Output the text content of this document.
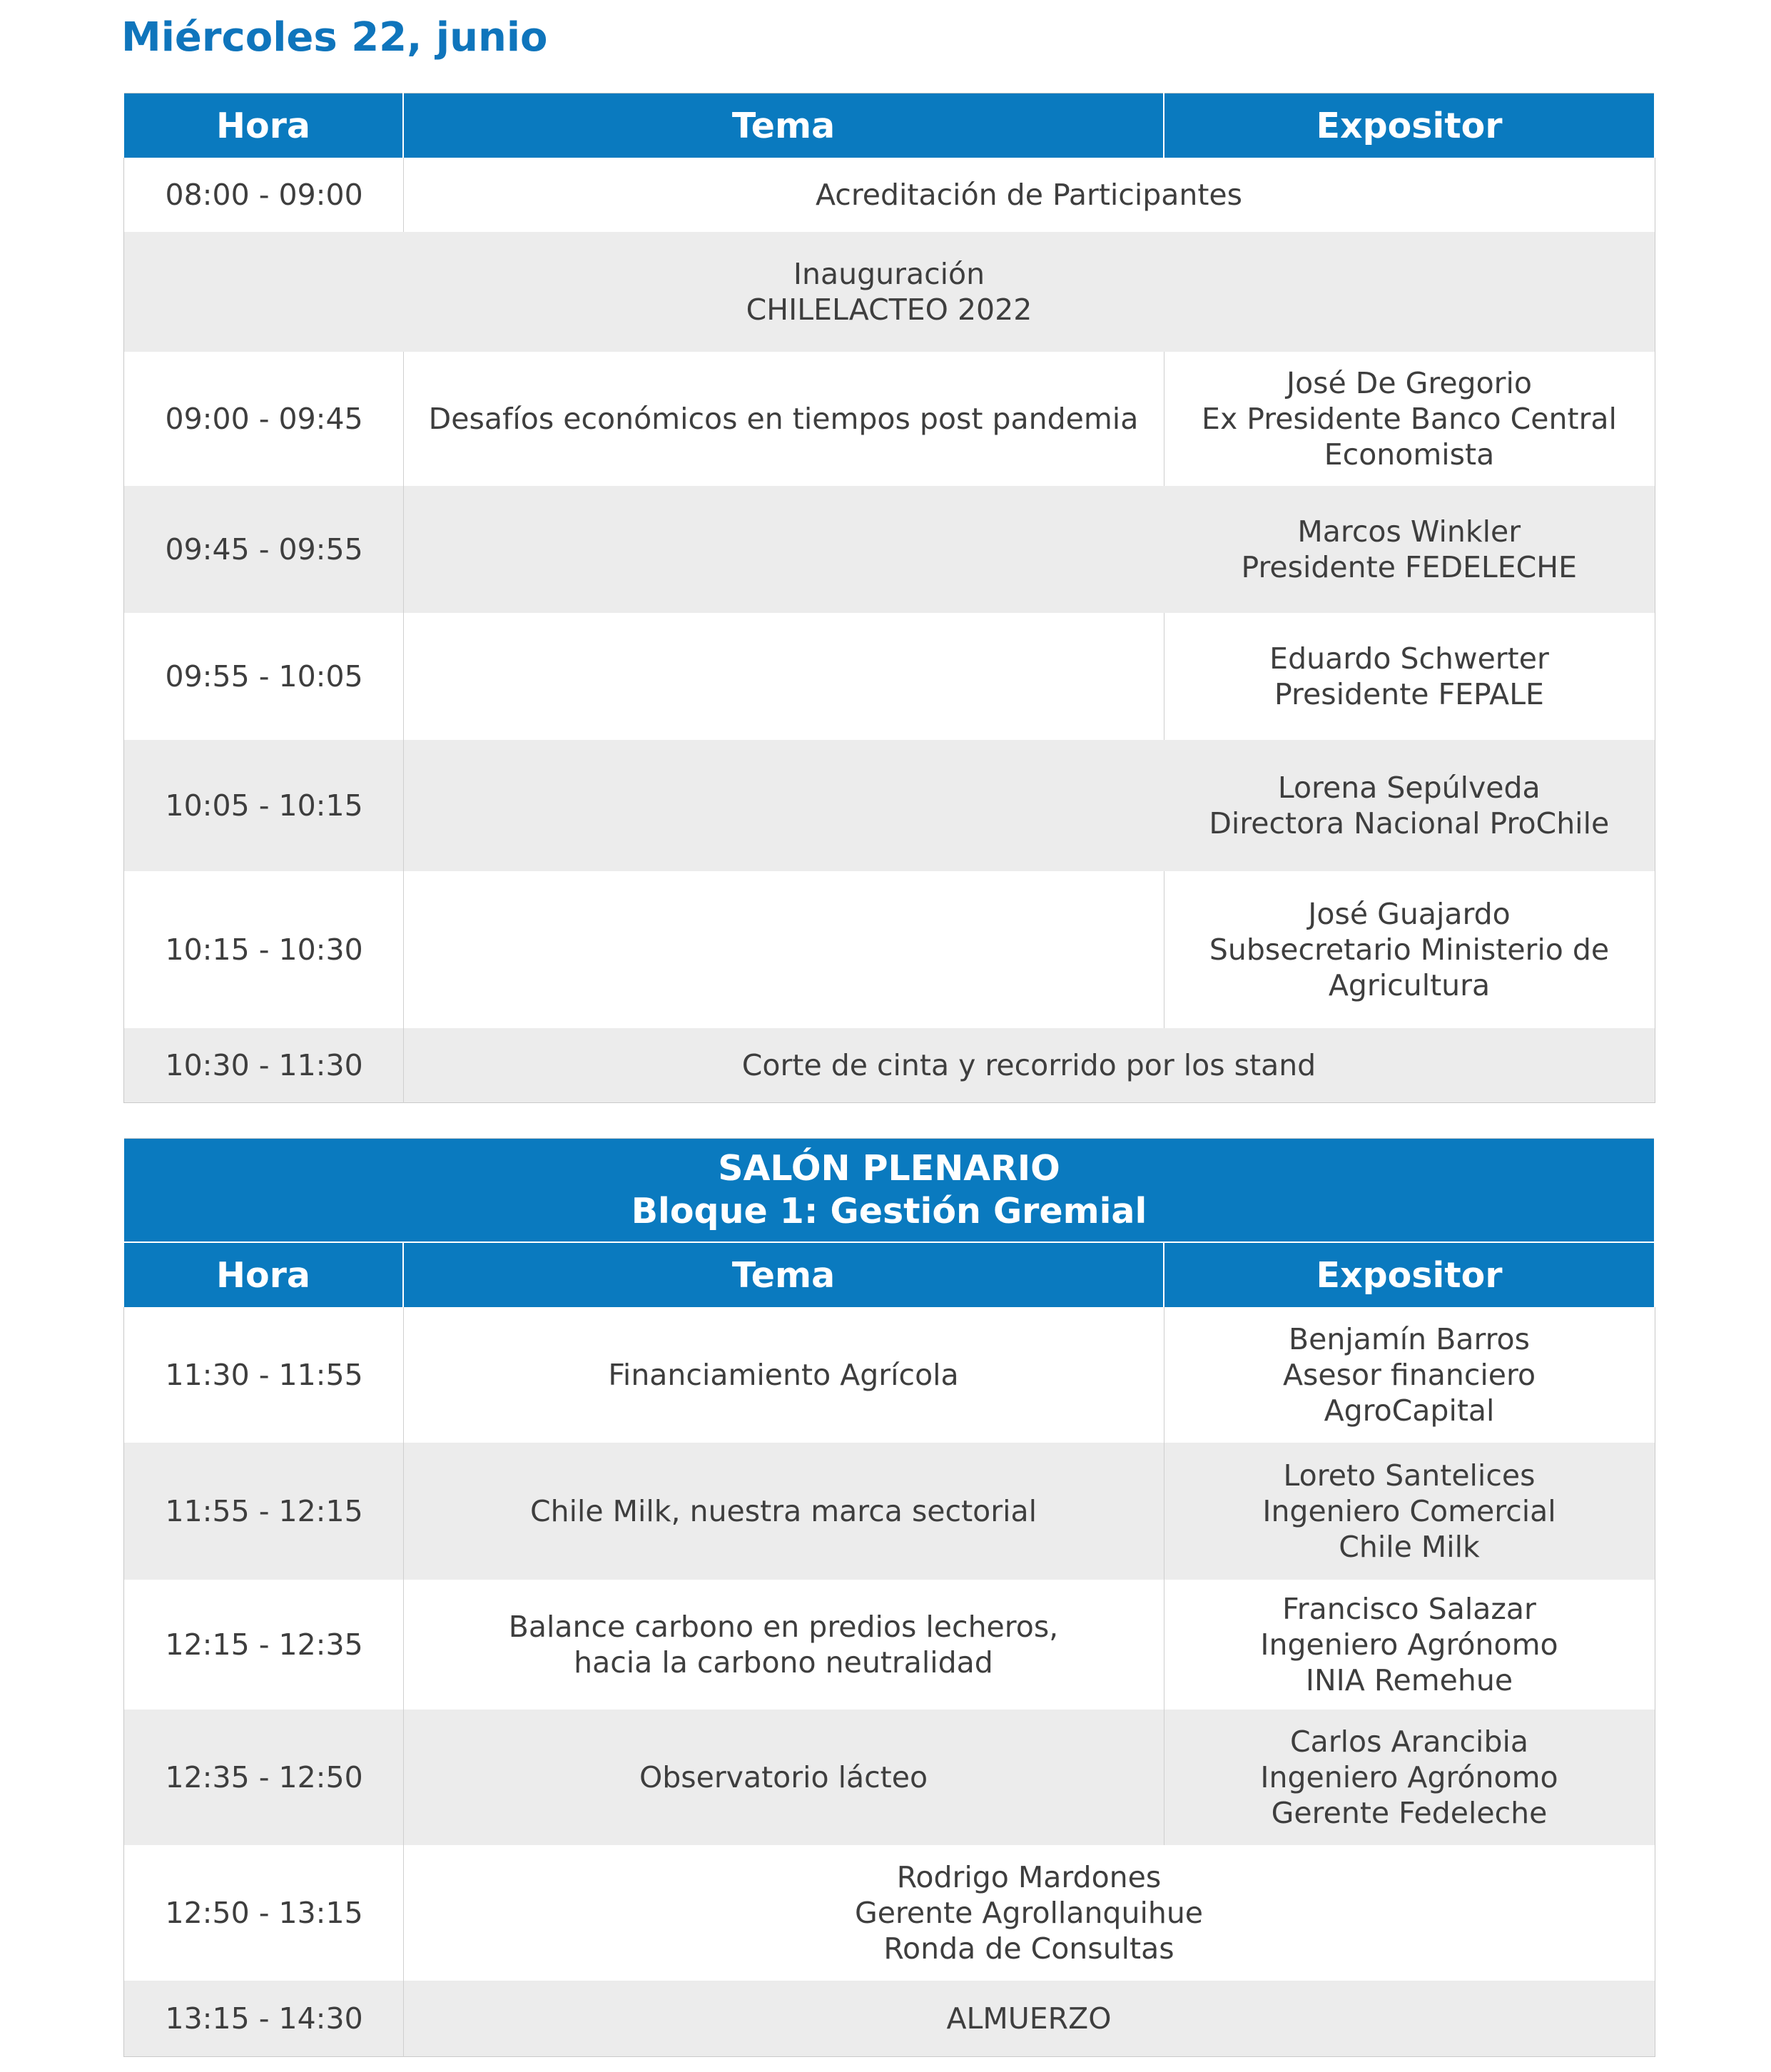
Miércoles 22, junio
Hora	Tema	Expositor
08:00 - 09:00	Acreditación de Participantes	

Inauguración
CHILELACTEO 2022		

09:00 - 09:45	Desafíos económicos en tiempos post pandemia	José De Gregorio
Ex Presidente Banco Central
Economista

09:45 - 09:55		Marcos Winkler
Presidente FEDELECHE

09:55 - 10:05		Eduardo Schwerter
Presidente FEPALE

10:05 - 10:15		Lorena Sepúlveda
Directora Nacional ProChile

10:15 - 10:30		José Guajardo
Subsecretario Ministerio de
Agricultura

10:30 - 11:30	Corte de cinta y recorrido por los stand	
SALÓN PLENARIO
Bloque 1: Gestión Gremial		

Hora	Tema	Expositor
11:30 - 11:55	Financiamiento Agrícola	Benjamín Barros
Asesor financiero
AgroCapital

11:55 - 12:15	Chile Milk, nuestra marca sectorial	Loreto Santelices
Ingeniero Comercial
Chile Milk

12:15 - 12:35	Balance carbono en predios lecheros,
hacia la carbono neutralidad	Francisco Salazar
Ingeniero Agrónomo
INIA Remehue

12:35 - 12:50	Observatorio lácteo	Carlos Arancibia
Ingeniero Agrónomo
Gerente Fedeleche

12:50 - 13:15	Rodrigo Mardones
Gerente Agrollanquihue
Ronda de Consultas	

13:15 - 14:30	ALMUERZO	
